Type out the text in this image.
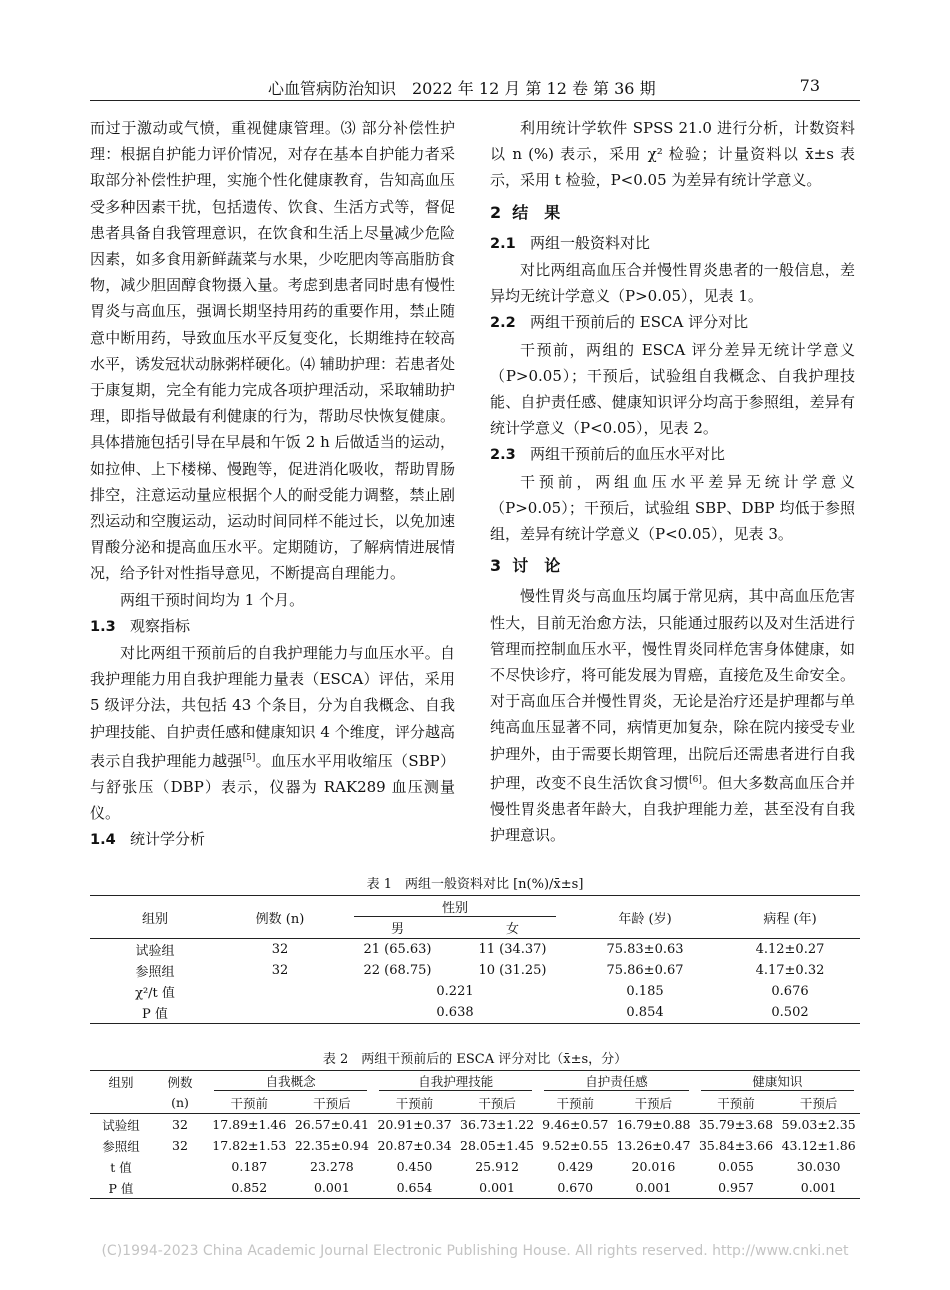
心血管病防治知识　2022 年 12 月 第 12 卷 第 36 期	73

而过于激动或气愤，重视健康管理。⑶ 部分补偿性护理：根据自护能力评价情况，对存在基本自护能力者采取部分补偿性护理，实施个性化健康教育，告知高血压受多种因素干扰，包括遗传、饮食、生活方式等，督促患者具备自我管理意识，在饮食和生活上尽量减少危险因素，如多食用新鲜蔬菜与水果，少吃肥肉等高脂肪食物，减少胆固醇食物摄入量。考虑到患者同时患有慢性胃炎与高血压，强调长期坚持用药的重要作用，禁止随意中断用药，导致血压水平反复变化，长期维持在较高水平，诱发冠状动脉粥样硬化。⑷ 辅助护理：若患者处于康复期，完全有能力完成各项护理活动，采取辅助护理，即指导做最有利健康的行为，帮助尽快恢复健康。具体措施包括引导在早晨和午饭 2 h 后做适当的运动，如拉伸、上下楼梯、慢跑等，促进消化吸收，帮助胃肠排空，注意运动量应根据个人的耐受能力调整，禁止剧烈运动和空腹运动，运动时间同样不能过长，以免加速胃酸分泌和提高血压水平。定期随访，了解病情进展情况，给予针对性指导意见，不断提高自理能力。

两组干预时间均为 1 个月。

1.3 观察指标

对比两组干预前后的自我护理能力与血压水平。自我护理能力用自我护理能力量表（ESCA）评估，采用 5 级评分法，共包括 43 个条目，分为自我概念、自我护理技能、自护责任感和健康知识 4 个维度，评分越高表示自我护理能力越强[5]。血压水平用收缩压（SBP）与舒张压（DBP）表示，仪器为 RAK289 血压测量仪。

1.4 统计学分析

利用统计学软件 SPSS 21.0 进行分析，计数资料以 n (%) 表示，采用 χ² 检验；计量资料以 x̄±s 表示，采用 t 检验，P<0.05 为差异有统计学意义。

2 结　果

2.1 两组一般资料对比

对比两组高血压合并慢性胃炎患者的一般信息，差异均无统计学意义（P>0.05），见表 1。

2.2 两组干预前后的 ESCA 评分对比

干预前，两组的 ESCA 评分差异无统计学意义（P>0.05）；干预后，试验组自我概念、自我护理技能、自护责任感、健康知识评分均高于参照组，差异有统计学意义（P<0.05），见表 2。

2.3 两组干预前后的血压水平对比

干预前，两组血压水平差异无统计学意义（P>0.05）；干预后，试验组 SBP、DBP 均低于参照组，差异有统计学意义（P<0.05），见表 3。

3 讨　论

慢性胃炎与高血压均属于常见病，其中高血压危害性大，目前无治愈方法，只能通过服药以及对生活进行管理而控制血压水平，慢性胃炎同样危害身体健康，如不尽快诊疗，将可能发展为胃癌，直接危及生命安全。对于高血压合并慢性胃炎，无论是治疗还是护理都与单纯高血压显著不同，病情更加复杂，除在院内接受专业护理外，由于需要长期管理，出院后还需患者进行自我护理，改变不良生活饮食习惯[6]。但大多数高血压合并慢性胃炎患者年龄大，自我护理能力差，甚至没有自我护理意识。

表 1　两组一般资料对比 [n(%)/x̄±s]
组别	例数 (n)	性别		年龄 (岁)	病程 (年)
		男	女		
试验组	32	21 (65.63)	11 (34.37)	75.83±0.63	4.12±0.27
参照组	32	22 (68.75)	10 (31.25)	75.86±0.67	4.17±0.32
χ²/t 值		0.221		0.185	0.676
P 值		0.638		0.854	0.502
表 2　两组干预前后的 ESCA 评分对比（x̄±s，分）
组别	例数	自我概念		自我护理技能		自护责任感		健康知识	

	(n)	干预前	干预后	干预前	干预后	干预前	干预后	干预前	干预后
试验组	32	17.89±1.46	26.57±0.41	20.91±0.37	36.73±1.22	9.46±0.57	16.79±0.88	35.79±3.68	59.03±2.35
参照组	32	17.82±1.53	22.35±0.94	20.87±0.34	28.05±1.45	9.52±0.55	13.26±0.47	35.84±3.66	43.12±1.86
t 值		0.187	23.278	0.450	25.912	0.429	20.016	0.055	30.030
P 值		0.852	0.001	0.654	0.001	0.670	0.001	0.957	0.001
(C)1994-2023 China Academic Journal Electronic Publishing House. All rights reserved. http://www.cnki.net
